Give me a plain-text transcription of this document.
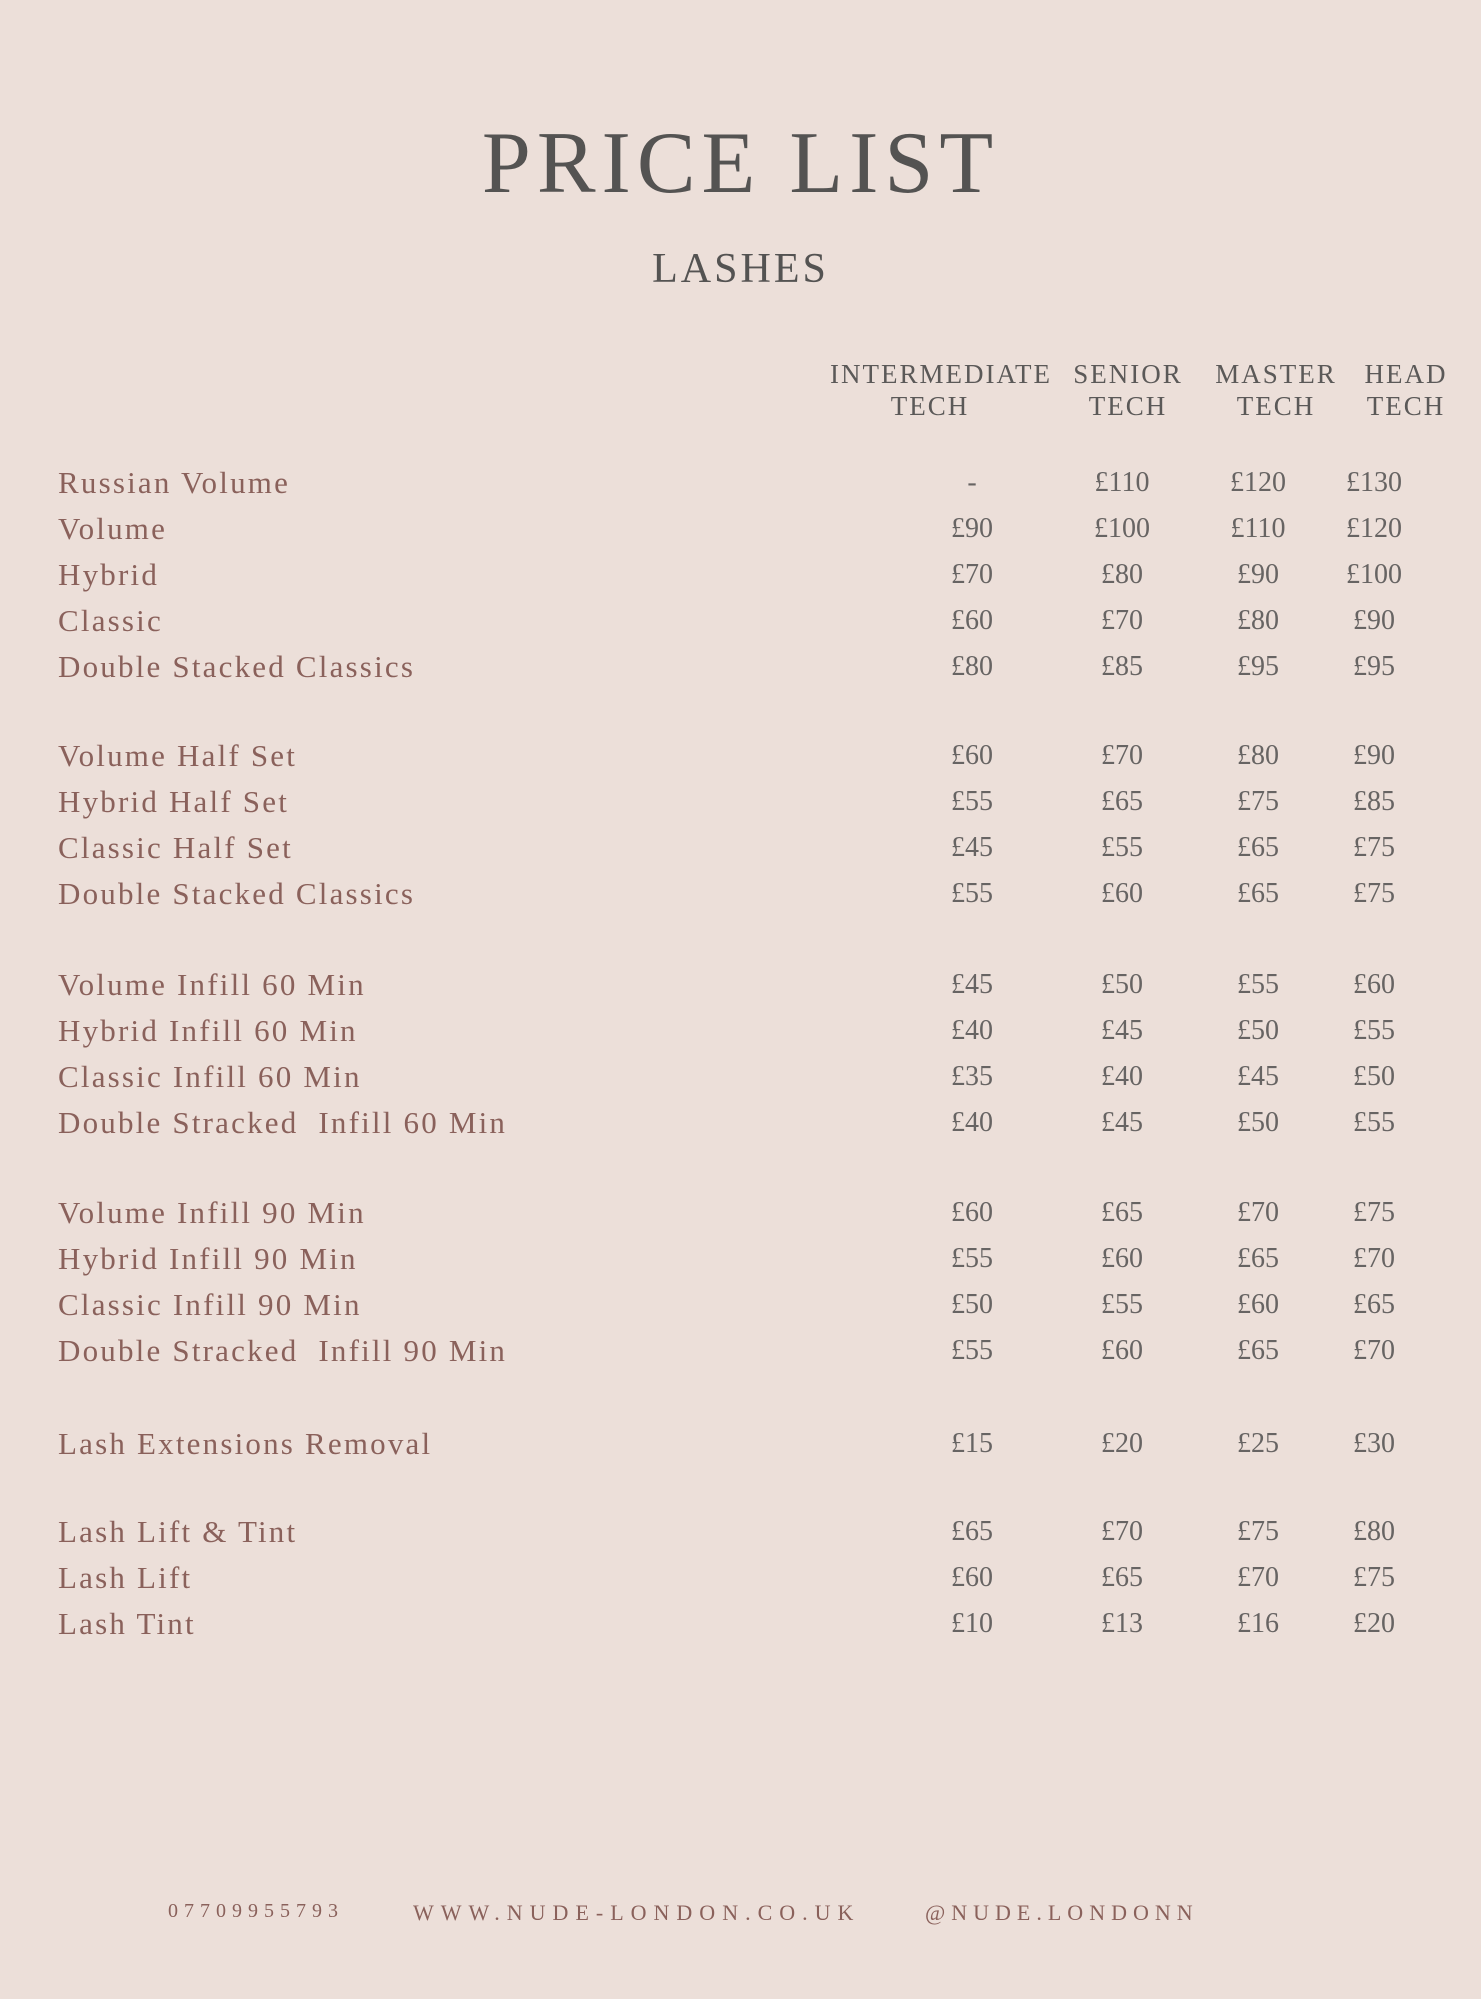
PRICE LIST
LASHES
INTERMEDIATE
TECH
SENIOR
TECH
MASTER
TECH
HEAD
TECH
Russian Volume	-	£110	£120	£130
Volume	£90	£100	£110	£120
Hybrid	£70	£80	£90	£100
Classic	£60	£70	£80	£90
Double Stacked Classics	£80	£85	£95	£95
Volume Half Set	£60	£70	£80	£90
Hybrid Half Set	£55	£65	£75	£85
Classic Half Set	£45	£55	£65	£75
Double Stacked Classics	£55	£60	£65	£75
Volume Infill 60 Min	£45	£50	£55	£60
Hybrid Infill 60 Min	£40	£45	£50	£55
Classic Infill 60 Min	£35	£40	£45	£50
Double Stracked  Infill 60 Min	£40	£45	£50	£55
Volume Infill 90 Min	£60	£65	£70	£75
Hybrid Infill 90 Min	£55	£60	£65	£70
Classic Infill 90 Min	£50	£55	£60	£65
Double Stracked  Infill 90 Min	£55	£60	£65	£70
Lash Extensions Removal	£15	£20	£25	£30
Lash Lift & Tint	£65	£70	£75	£80
Lash Lift	£60	£65	£70	£75
Lash Tint	£10	£13	£16	£20
07709955793	WWW.NUDE-LONDON.CO.UK	@NUDE.LONDONN
